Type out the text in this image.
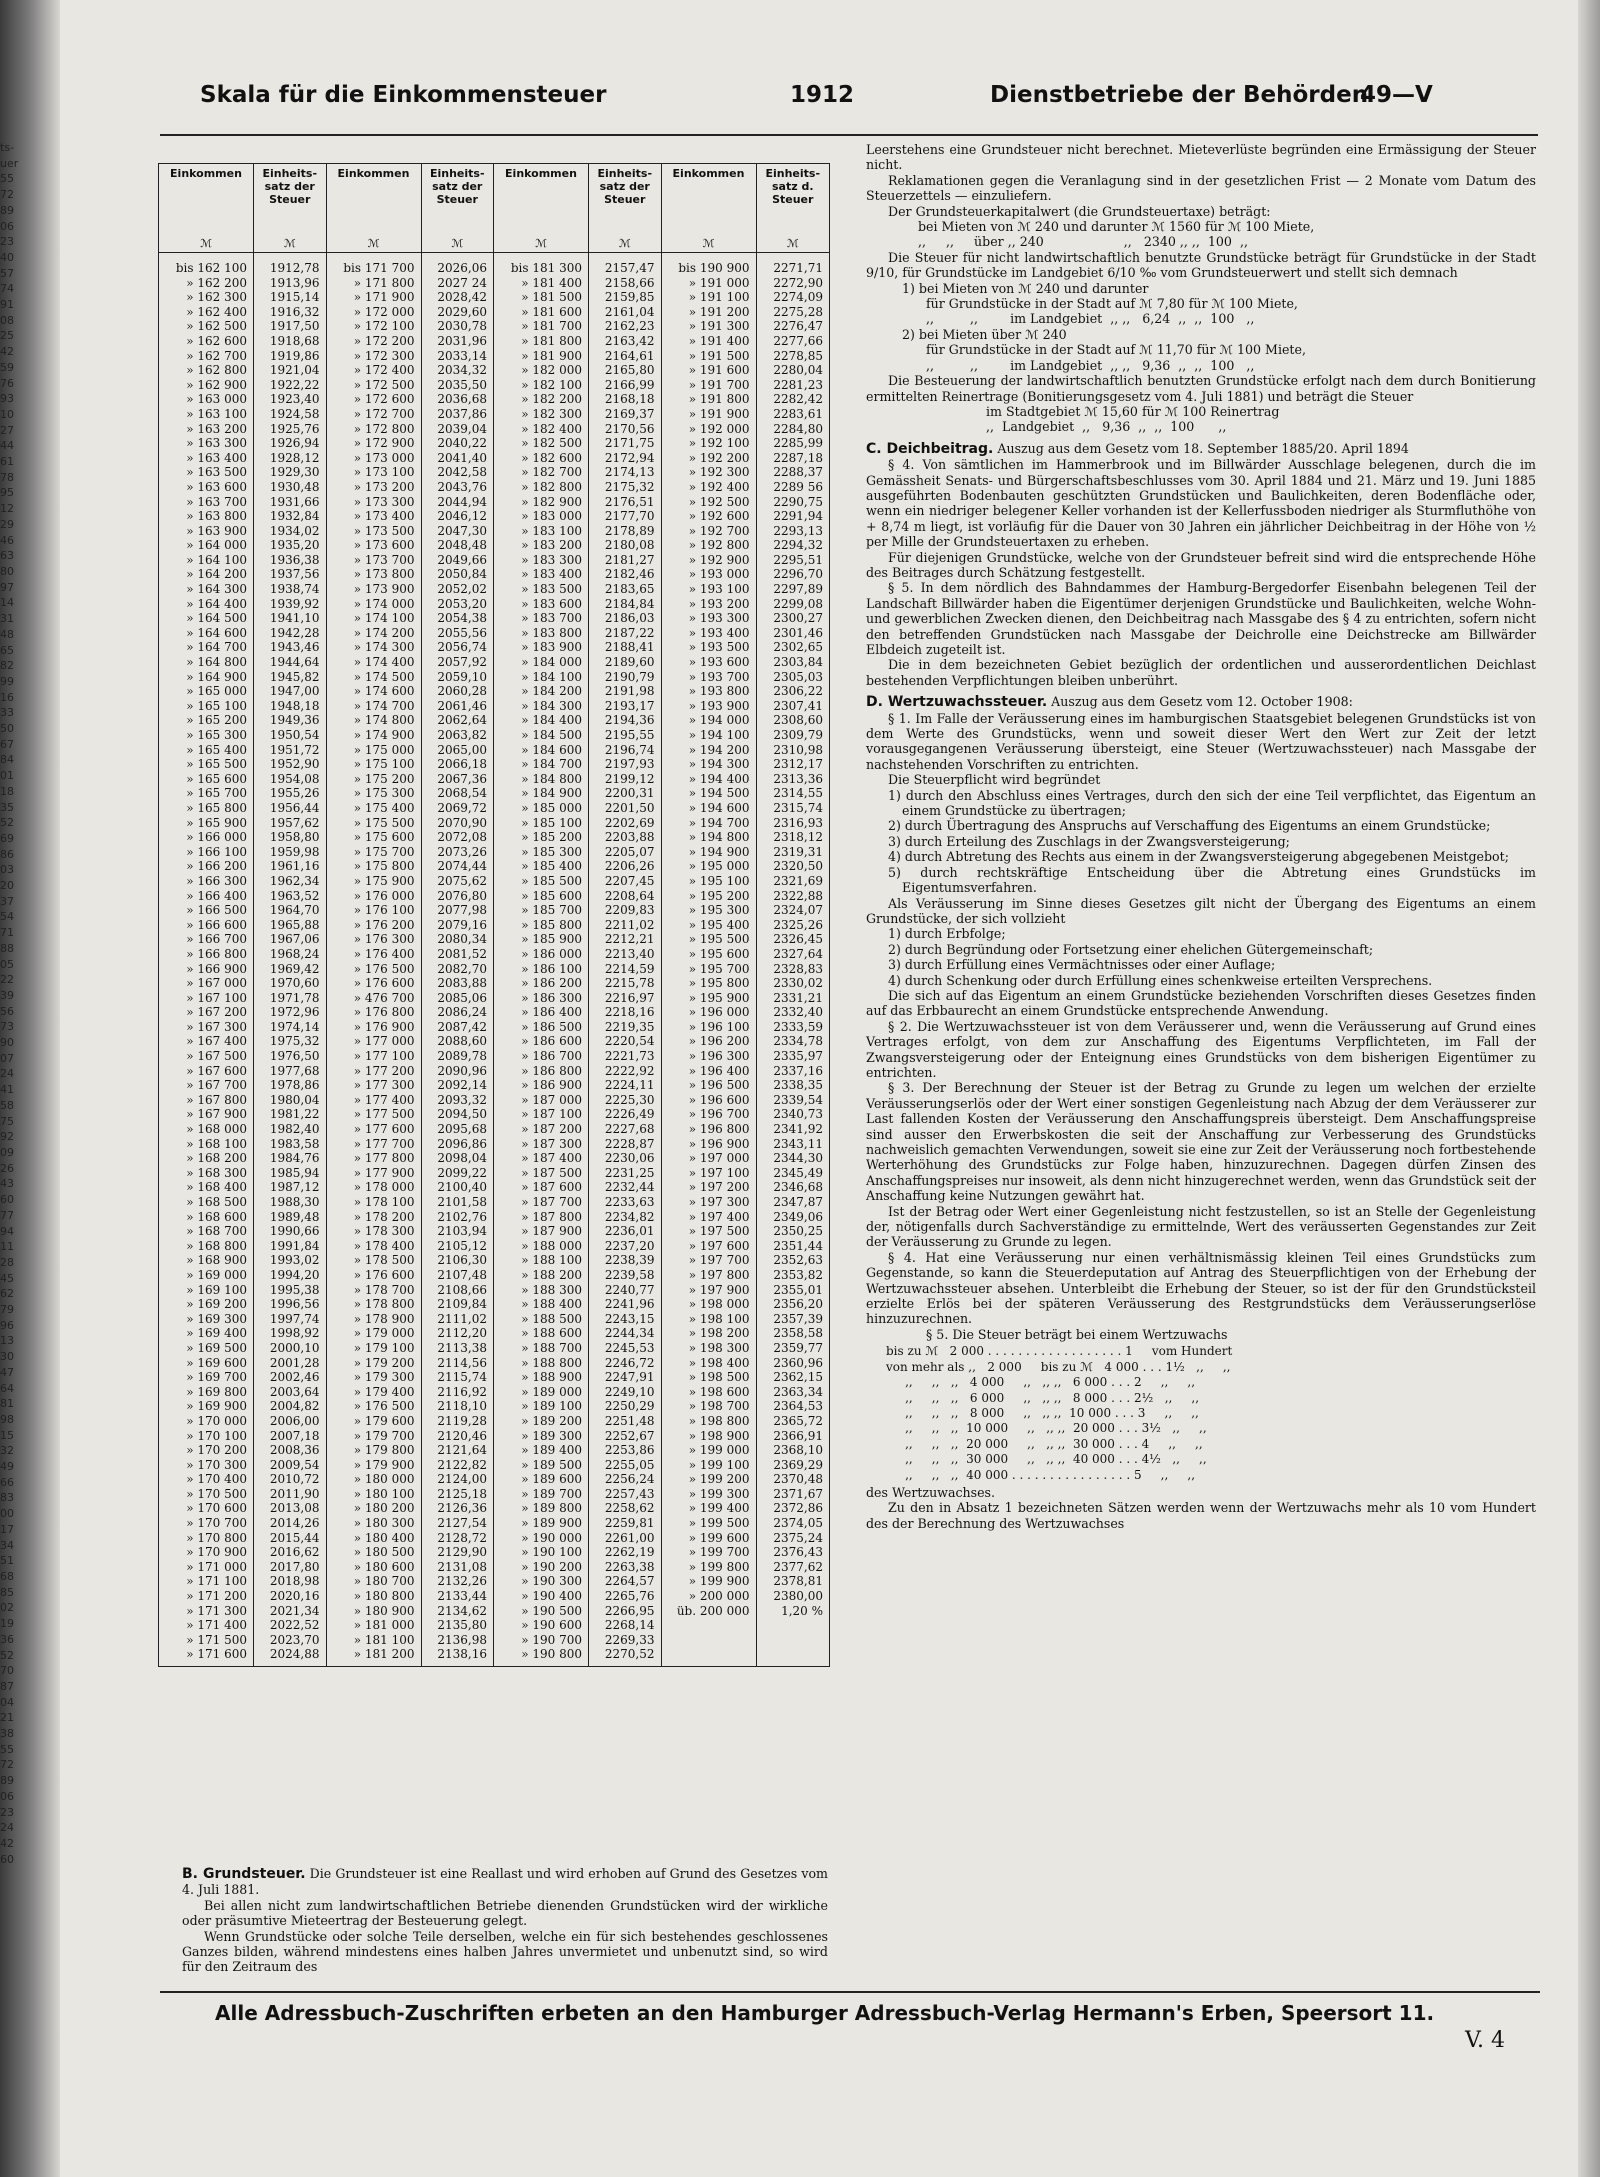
ts-
uer
55
72
89
06
23
40
57
74
91
08
25
42
59
76
93
10
27
44
61
78
95
12
29
46
63
80
97
14
31
48
65
82
99
16
33
50
67
84
01
18
35
52
69
86
03
20
37
54
71
88
05
22
39
56
73
90
07
24
41
58
75
92
09
26
43
60
77
94
11
28
45
62
79
96
13
30
47
64
81
98
15
32
49
66
83
00
17
34
51
68
85
02
19
36
52
70
87
04
21
38
55
72
89
06
23
24
42
60
Skala für die Einkommensteuer	1912	Dienstbetriebe der Behörden
49—V
Einkommen
ℳ
Einheits-satz der Steuer
ℳ
Einkommen
ℳ
Einheits-satz der Steuer
ℳ
Einkommen
ℳ
Einheits-satz der Steuer
ℳ
Einkommen
ℳ
Einheits-satz d. Steuer
ℳ
bis 162 100
» 162 200
» 162 300
» 162 400
» 162 500
» 162 600
» 162 700
» 162 800
» 162 900
» 163 000
» 163 100
» 163 200
» 163 300
» 163 400
» 163 500
» 163 600
» 163 700
» 163 800
» 163 900
» 164 000
» 164 100
» 164 200
» 164 300
» 164 400
» 164 500
» 164 600
» 164 700
» 164 800
» 164 900
» 165 000
» 165 100
» 165 200
» 165 300
» 165 400
» 165 500
» 165 600
» 165 700
» 165 800
» 165 900
» 166 000
» 166 100
» 166 200
» 166 300
» 166 400
» 166 500
» 166 600
» 166 700
» 166 800
» 166 900
» 167 000
» 167 100
» 167 200
» 167 300
» 167 400
» 167 500
» 167 600
» 167 700
» 167 800
» 167 900
» 168 000
» 168 100
» 168 200
» 168 300
» 168 400
» 168 500
» 168 600
» 168 700
» 168 800
» 168 900
» 169 000
» 169 100
» 169 200
» 169 300
» 169 400
» 169 500
» 169 600
» 169 700
» 169 800
» 169 900
» 170 000
» 170 100
» 170 200
» 170 300
» 170 400
» 170 500
» 170 600
» 170 700
» 170 800
» 170 900
» 171 000
» 171 100
» 171 200
» 171 300
» 171 400
» 171 500
» 171 600
1912,78
1913,96
1915,14
1916,32
1917,50
1918,68
1919,86
1921,04
1922,22
1923,40
1924,58
1925,76
1926,94
1928,12
1929,30
1930,48
1931,66
1932,84
1934,02
1935,20
1936,38
1937,56
1938,74
1939,92
1941,10
1942,28
1943,46
1944,64
1945,82
1947,00
1948,18
1949,36
1950,54
1951,72
1952,90
1954,08
1955,26
1956,44
1957,62
1958,80
1959,98
1961,16
1962,34
1963,52
1964,70
1965,88
1967,06
1968,24
1969,42
1970,60
1971,78
1972,96
1974,14
1975,32
1976,50
1977,68
1978,86
1980,04
1981,22
1982,40
1983,58
1984,76
1985,94
1987,12
1988,30
1989,48
1990,66
1991,84
1993,02
1994,20
1995,38
1996,56
1997,74
1998,92
2000,10
2001,28
2002,46
2003,64
2004,82
2006,00
2007,18
2008,36
2009,54
2010,72
2011,90
2013,08
2014,26
2015,44
2016,62
2017,80
2018,98
2020,16
2021,34
2022,52
2023,70
2024,88
bis 171 700
» 171 800
» 171 900
» 172 000
» 172 100
» 172 200
» 172 300
» 172 400
» 172 500
» 172 600
» 172 700
» 172 800
» 172 900
» 173 000
» 173 100
» 173 200
» 173 300
» 173 400
» 173 500
» 173 600
» 173 700
» 173 800
» 173 900
» 174 000
» 174 100
» 174 200
» 174 300
» 174 400
» 174 500
» 174 600
» 174 700
» 174 800
» 174 900
» 175 000
» 175 100
» 175 200
» 175 300
» 175 400
» 175 500
» 175 600
» 175 700
» 175 800
» 175 900
» 176 000
» 176 100
» 176 200
» 176 300
» 176 400
» 176 500
» 176 600
» 476 700
» 176 800
» 176 900
» 177 000
» 177 100
» 177 200
» 177 300
» 177 400
» 177 500
» 177 600
» 177 700
» 177 800
» 177 900
» 178 000
» 178 100
» 178 200
» 178 300
» 178 400
» 178 500
» 176 600
» 178 700
» 178 800
» 178 900
» 179 000
» 179 100
» 179 200
» 179 300
» 179 400
» 176 500
» 179 600
» 179 700
» 179 800
» 179 900
» 180 000
» 180 100
» 180 200
» 180 300
» 180 400
» 180 500
» 180 600
» 180 700
» 180 800
» 180 900
» 181 000
» 181 100
» 181 200
2026,06
2027 24
2028,42
2029,60
2030,78
2031,96
2033,14
2034,32
2035,50
2036,68
2037,86
2039,04
2040,22
2041,40
2042,58
2043,76
2044,94
2046,12
2047,30
2048,48
2049,66
2050,84
2052,02
2053,20
2054,38
2055,56
2056,74
2057,92
2059,10
2060,28
2061,46
2062,64
2063,82
2065,00
2066,18
2067,36
2068,54
2069,72
2070,90
2072,08
2073,26
2074,44
2075,62
2076,80
2077,98
2079,16
2080,34
2081,52
2082,70
2083,88
2085,06
2086,24
2087,42
2088,60
2089,78
2090,96
2092,14
2093,32
2094,50
2095,68
2096,86
2098,04
2099,22
2100,40
2101,58
2102,76
2103,94
2105,12
2106,30
2107,48
2108,66
2109,84
2111,02
2112,20
2113,38
2114,56
2115,74
2116,92
2118,10
2119,28
2120,46
2121,64
2122,82
2124,00
2125,18
2126,36
2127,54
2128,72
2129,90
2131,08
2132,26
2133,44
2134,62
2135,80
2136,98
2138,16
bis 181 300
» 181 400
» 181 500
» 181 600
» 181 700
» 181 800
» 181 900
» 182 000
» 182 100
» 182 200
» 182 300
» 182 400
» 182 500
» 182 600
» 182 700
» 182 800
» 182 900
» 183 000
» 183 100
» 183 200
» 183 300
» 183 400
» 183 500
» 183 600
» 183 700
» 183 800
» 183 900
» 184 000
» 184 100
» 184 200
» 184 300
» 184 400
» 184 500
» 184 600
» 184 700
» 184 800
» 184 900
» 185 000
» 185 100
» 185 200
» 185 300
» 185 400
» 185 500
» 185 600
» 185 700
» 185 800
» 185 900
» 186 000
» 186 100
» 186 200
» 186 300
» 186 400
» 186 500
» 186 600
» 186 700
» 186 800
» 186 900
» 187 000
» 187 100
» 187 200
» 187 300
» 187 400
» 187 500
» 187 600
» 187 700
» 187 800
» 187 900
» 188 000
» 188 100
» 188 200
» 188 300
» 188 400
» 188 500
» 188 600
» 188 700
» 188 800
» 188 900
» 189 000
» 189 100
» 189 200
» 189 300
» 189 400
» 189 500
» 189 600
» 189 700
» 189 800
» 189 900
» 190 000
» 190 100
» 190 200
» 190 300
» 190 400
» 190 500
» 190 600
» 190 700
» 190 800
2157,47
2158,66
2159,85
2161,04
2162,23
2163,42
2164,61
2165,80
2166,99
2168,18
2169,37
2170,56
2171,75
2172,94
2174,13
2175,32
2176,51
2177,70
2178,89
2180,08
2181,27
2182,46
2183,65
2184,84
2186,03
2187,22
2188,41
2189,60
2190,79
2191,98
2193,17
2194,36
2195,55
2196,74
2197,93
2199,12
2200,31
2201,50
2202,69
2203,88
2205,07
2206,26
2207,45
2208,64
2209,83
2211,02
2212,21
2213,40
2214,59
2215,78
2216,97
2218,16
2219,35
2220,54
2221,73
2222,92
2224,11
2225,30
2226,49
2227,68
2228,87
2230,06
2231,25
2232,44
2233,63
2234,82
2236,01
2237,20
2238,39
2239,58
2240,77
2241,96
2243,15
2244,34
2245,53
2246,72
2247,91
2249,10
2250,29
2251,48
2252,67
2253,86
2255,05
2256,24
2257,43
2258,62
2259,81
2261,00
2262,19
2263,38
2264,57
2265,76
2266,95
2268,14
2269,33
2270,52
bis 190 900
» 191 000
» 191 100
» 191 200
» 191 300
» 191 400
» 191 500
» 191 600
» 191 700
» 191 800
» 191 900
» 192 000
» 192 100
» 192 200
» 192 300
» 192 400
» 192 500
» 192 600
» 192 700
» 192 800
» 192 900
» 193 000
» 193 100
» 193 200
» 193 300
» 193 400
» 193 500
» 193 600
» 193 700
» 193 800
» 193 900
» 194 000
» 194 100
» 194 200
» 194 300
» 194 400
» 194 500
» 194 600
» 194 700
» 194 800
» 194 900
» 195 000
» 195 100
» 195 200
» 195 300
» 195 400
» 195 500
» 195 600
» 195 700
» 195 800
» 195 900
» 196 000
» 196 100
» 196 200
» 196 300
» 196 400
» 196 500
» 196 600
» 196 700
» 196 800
» 196 900
» 197 000
» 197 100
» 197 200
» 197 300
» 197 400
» 197 500
» 197 600
» 197 700
» 197 800
» 197 900
» 198 000
» 198 100
» 198 200
» 198 300
» 198 400
» 198 500
» 198 600
» 198 700
» 198 800
» 198 900
» 199 000
» 199 100
» 199 200
» 199 300
» 199 400
» 199 500
» 199 600
» 199 700
» 199 800
» 199 900
» 200 000
üb. 200 000
2271,71
2272,90
2274,09
2275,28
2276,47
2277,66
2278,85
2280,04
2281,23
2282,42
2283,61
2284,80
2285,99
2287,18
2288,37
2289 56
2290,75
2291,94
2293,13
2294,32
2295,51
2296,70
2297,89
2299,08
2300,27
2301,46
2302,65
2303,84
2305,03
2306,22
2307,41
2308,60
2309,79
2310,98
2312,17
2313,36
2314,55
2315,74
2316,93
2318,12
2319,31
2320,50
2321,69
2322,88
2324,07
2325,26
2326,45
2327,64
2328,83
2330,02
2331,21
2332,40
2333,59
2334,78
2335,97
2337,16
2338,35
2339,54
2340,73
2341,92
2343,11
2344,30
2345,49
2346,68
2347,87
2349,06
2350,25
2351,44
2352,63
2353,82
2355,01
2356,20
2357,39
2358,58
2359,77
2360,96
2362,15
2363,34
2364,53
2365,72
2366,91
2368,10
2369,29
2370,48
2371,67
2372,86
2374,05
2375,24
2376,43
2377,62
2378,81
2380,00
1,20 %

B. Grundsteuer. Die Grundsteuer ist eine Reallast und wird erhoben auf Grund des Gesetzes vom 4. Juli 1881.

Bei allen nicht zum landwirtschaftlichen Betriebe dienenden Grundstücken wird der wirkliche oder präsumtive Mieteertrag der Besteuerung gelegt.

Wenn Grundstücke oder solche Teile derselben, welche ein für sich bestehendes geschlossenes Ganzes bilden, während mindestens eines halben Jahres unvermietet und unbenutzt sind, so wird für den Zeitraum des

Leerstehens eine Grundsteuer nicht berechnet. Mieteverlüste begründen eine Ermässigung der Steuer nicht.

Reklamationen gegen die Veranlagung sind in der gesetzlichen Frist — 2 Monate vom Datum des Steuerzettels — einzuliefern.

Der Grundsteuerkapitalwert (die Grundsteuertaxe) beträgt:

bei Mieten von ℳ 240 und darunter ℳ 1560 für ℳ 100 Miete,

,,     ,,     über ,, 240                    ,,   2340 ,, ,,  100  ,,

Die Steuer für nicht landwirtschaftlich benutzte Grundstücke beträgt für Grundstücke in der Stadt 9/10, für Grundstücke im Landgebiet 6/10 ‰ vom Grundsteuerwert und stellt sich demnach

1) bei Mieten von ℳ 240 und darunter

für Grundstücke in der Stadt auf ℳ 7,80 für ℳ 100 Miete,

,,         ,,        im Landgebiet  ,, ,,   6,24  ,,  ,,  100   ,,

2) bei Mieten über ℳ 240

für Grundstücke in der Stadt auf ℳ 11,70 für ℳ 100 Miete,

,,         ,,        im Landgebiet  ,, ,,   9,36  ,,  ,,  100   ,,

Die Besteuerung der landwirtschaftlich benutzten Grundstücke erfolgt nach dem durch Bonitierung ermittelten Reinertrage (Bonitierungsgesetz vom 4. Juli 1881) und beträgt die Steuer

im Stadtgebiet ℳ 15,60 für ℳ 100 Reinertrag

,,  Landgebiet  ,,   9,36  ,,  ,,  100      ,,

C. Deichbeitrag. Auszug aus dem Gesetz vom 18. September 1885/20. April 1894

§ 4. Von sämtlichen im Hammerbrook und im Billwärder Ausschlage belegenen, durch die im Gemässheit Senats- und Bürgerschaftsbeschlusses vom 30. April 1884 und 21. März und 19. Juni 1885 ausgeführten Bodenbauten geschützten Grundstücken und Baulichkeiten, deren Bodenfläche oder, wenn ein niedriger belegener Keller vorhanden ist der Kellerfussboden niedriger als Sturmfluthöhe von + 8,74 m liegt, ist vorläufig für die Dauer von 30 Jahren ein jährlicher Deichbeitrag in der Höhe von ½ per Mille der Grundsteuertaxen zu erheben.

Für diejenigen Grundstücke, welche von der Grundsteuer befreit sind wird die entsprechende Höhe des Beitrages durch Schätzung festgestellt.

§ 5. In dem nördlich des Bahndammes der Hamburg-Bergedorfer Eisenbahn belegenen Teil der Landschaft Billwärder haben die Eigentümer derjenigen Grundstücke und Baulichkeiten, welche Wohn- und gewerblichen Zwecken dienen, den Deichbeitrag nach Massgabe des § 4 zu entrichten, sofern nicht den betreffenden Grundstücken nach Massgabe der Deichrolle eine Deichstrecke am Billwärder Elbdeich zugeteilt ist.

Die in dem bezeichneten Gebiet bezüglich der ordentlichen und ausserordentlichen Deichlast bestehenden Verpflichtungen bleiben unberührt.

D. Wertzuwachssteuer. Auszug aus dem Gesetz vom 12. October 1908:

§ 1. Im Falle der Veräusserung eines im hamburgischen Staatsgebiet belegenen Grundstücks ist von dem Werte des Grundstücks, wenn und soweit dieser Wert den Wert zur Zeit der letzt vorausgegangenen Veräusserung übersteigt, eine Steuer (Wertzuwachssteuer) nach Massgabe der nachstehenden Vorschriften zu entrichten.

Die Steuerpflicht wird begründet

1) durch den Abschluss eines Vertrages, durch den sich der eine Teil verpflichtet, das Eigentum an einem Grundstücke zu übertragen;

2) durch Übertragung des Anspruchs auf Verschaffung des Eigentums an einem Grundstücke;

3) durch Erteilung des Zuschlags in der Zwangsversteigerung;

4) durch Abtretung des Rechts aus einem in der Zwangsversteigerung abgegebenen Meistgebot;

5) durch rechtskräftige Entscheidung über die Abtretung eines Grundstücks im Eigentumsverfahren.

Als Veräusserung im Sinne dieses Gesetzes gilt nicht der Übergang des Eigentums an einem Grundstücke, der sich vollzieht

1) durch Erbfolge;

2) durch Begründung oder Fortsetzung einer ehelichen Gütergemeinschaft;

3) durch Erfüllung eines Vermächtnisses oder einer Auflage;

4) durch Schenkung oder durch Erfüllung eines schenkweise erteilten Versprechens.

Die sich auf das Eigentum an einem Grundstücke beziehenden Vorschriften dieses Gesetzes finden auf das Erbbaurecht an einem Grundstücke entsprechende Anwendung.

§ 2. Die Wertzuwachssteuer ist von dem Veräusserer und, wenn die Veräusserung auf Grund eines Vertrages erfolgt, von dem zur Anschaffung des Eigentums Verpflichteten, im Fall der Zwangsversteigerung oder der Enteignung eines Grundstücks von dem bisherigen Eigentümer zu entrichten.

§ 3. Der Berechnung der Steuer ist der Betrag zu Grunde zu legen um welchen der erzielte Veräusserungserlös oder der Wert einer sonstigen Gegenleistung nach Abzug der dem Veräusserer zur Last fallenden Kosten der Veräusserung den Anschaffungspreis übersteigt. Dem Anschaffungspreise sind ausser den Erwerbskosten die seit der Anschaffung zur Verbesserung des Grundstücks nachweislich gemachten Verwendungen, soweit sie eine zur Zeit der Veräusserung noch fortbestehende Werterhöhung des Grundstücks zur Folge haben, hinzuzurechnen. Dagegen dürfen Zinsen des Anschaffungspreises nur insoweit, als denn nicht hinzugerechnet werden, wenn das Grundstück seit der Anschaffung keine Nutzungen gewährt hat.

Ist der Betrag oder Wert einer Gegenleistung nicht festzustellen, so ist an Stelle der Gegenleistung der, nötigenfalls durch Sachverständige zu ermittelnde, Wert des veräusserten Gegenstandes zur Zeit der Veräusserung zu Grunde zu legen.

§ 4. Hat eine Veräusserung nur einen verhältnismässig kleinen Teil eines Grundstücks zum Gegenstande, so kann die Steuerdeputation auf Antrag des Steuerpflichtigen von der Erhebung der Wertzuwachssteuer absehen. Unterbleibt die Erhebung der Steuer, so ist der für den Grundstücksteil erzielte Erlös bei der späteren Veräusserung des Restgrundstücks dem Veräusserungserlöse hinzuzurechnen.

§ 5. Die Steuer beträgt bei einem Wertzuwachs

bis zu ℳ   2 000 . . . . . . . . . . . . . . . . . . 1     vom Hundert
von mehr als ,,   2 000     bis zu ℳ   4 000 . . . 1½   ,,     ,,
,,     ,,   ,,   4 000     ,,   ,, ,,   6 000 . . . 2     ,,     ,,
,,     ,,   ,,   6 000     ,,   ,, ,,   8 000 . . . 2½   ,,     ,,
,,     ,,   ,,   8 000     ,,   ,, ,,  10 000 . . . 3     ,,     ,,
,,     ,,   ,,  10 000     ,,   ,, ,,  20 000 . . . 3½   ,,     ,,
,,     ,,   ,,  20 000     ,,   ,, ,,  30 000 . . . 4     ,,     ,,
,,     ,,   ,,  30 000     ,,   ,, ,,  40 000 . . . 4½   ,,     ,,
,,     ,,   ,,  40 000 . . . . . . . . . . . . . . . . 5     ,,     ,,

des Wertzuwachses.

Zu den in Absatz 1 bezeichneten Sätzen werden wenn der Wertzuwachs mehr als 10 vom Hundert des der Berechnung des Wertzuwachses

Alle Adressbuch-Zuschriften erbeten an den Hamburger Adressbuch-Verlag Hermann's Erben, Speersort 11.
V. 4
